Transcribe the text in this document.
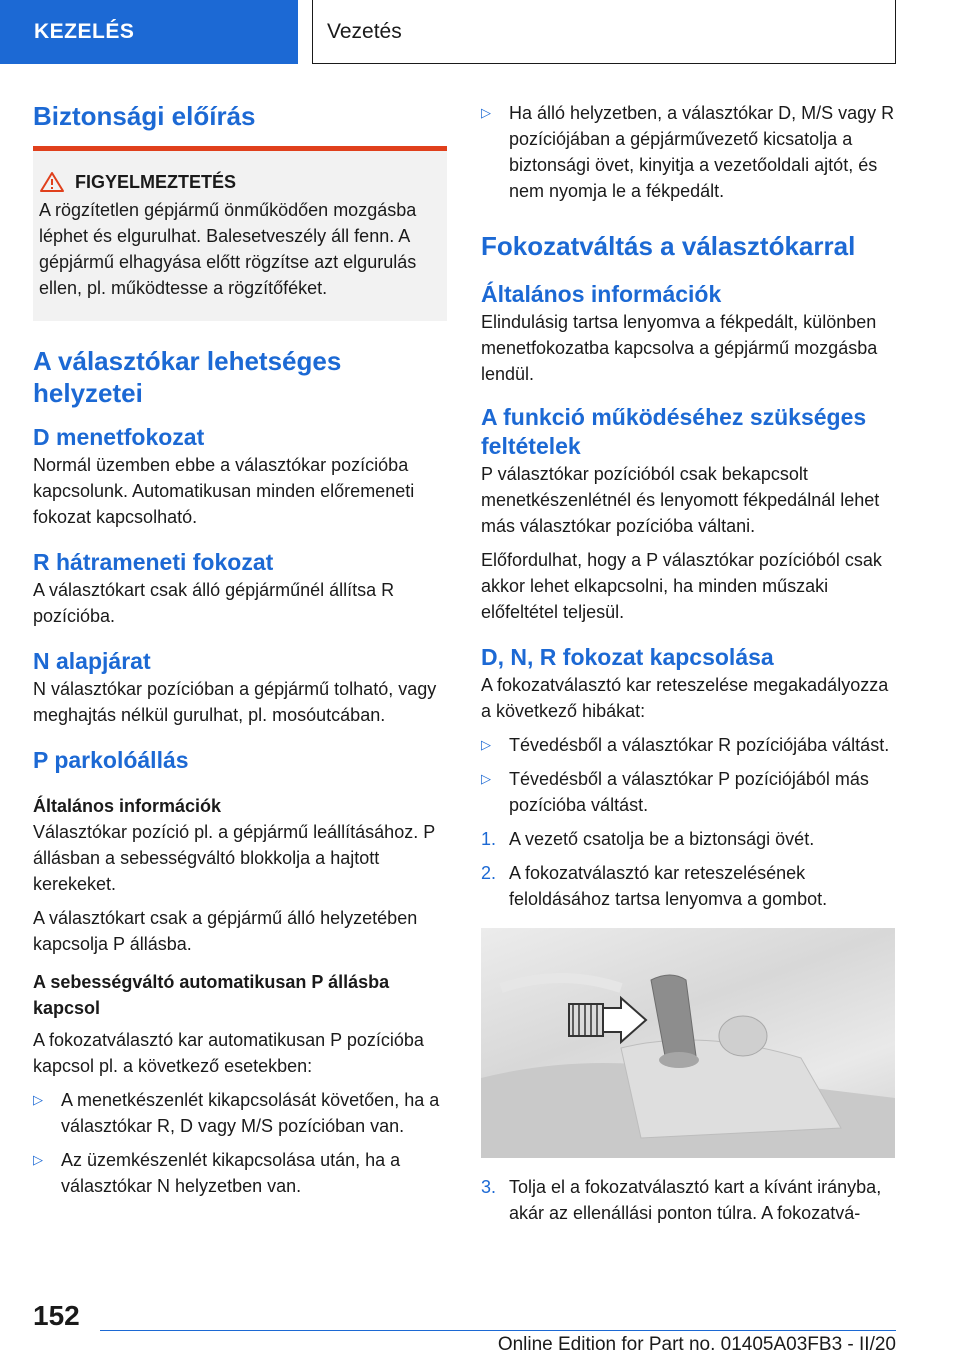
KEZELÉS	Vezetés
Biztonsági előírás
FIGYELMEZTETÉS

A rögzítetlen gépjármű önműködően mozgásba léphet és elgurulhat. Balesetveszély áll fenn. A gépjármű elhagyása előtt rögzítse azt elgurulás ellen, pl. működtesse a rögzítőféket.

A választókar lehetséges helyzetei
D menetfokozat

Normál üzemben ebbe a választókar pozícióba kapcsolunk. Automatikusan minden előremeneti fokozat kapcsolható.

R hátrameneti fokozat

A választókart csak álló gépjárműnél állítsa R pozícióba.

N alapjárat

N választókar pozícióban a gépjármű tolható, vagy meghajtás nélkül gurulhat, pl. mosóutcában.

P parkolóállás
Általános információk

Választókar pozíció pl. a gépjármű leállításához. P állásban a sebességváltó blokkolja a hajtott kerekeket.

A választókart csak a gépjármű álló helyzetében kapcsolja P állásba.

A sebességváltó automatikusan P állásba kapcsol

A fokozatválasztó kar automatikusan P pozícióba kapcsol pl. a következő esetekben:

▷	A menetkészenlét kikapcsolását követően, ha a választókar R, D vagy M/S pozícióban van.
▷	Az üzemkészenlét kikapcsolása után, ha a választókar N helyzetben van.
▷	Ha álló helyzetben, a választókar D, M/S vagy R pozíciójában a gépjárművezető kicsatolja a biztonsági övet, kinyitja a vezetőoldali ajtót, és nem nyomja le a fékpedált.
Fokozatváltás a választókarral
Általános információk

Elindulásig tartsa lenyomva a fékpedált, különben menetfokozatba kapcsolva a gépjármű mozgásba lendül.

A funkció működéséhez szükséges feltételek

P választókar pozícióból csak bekapcsolt menetkészenlétnél és lenyomott fékpedálnál lehet más választókar pozícióba váltani.

Előfordulhat, hogy a P választókar pozícióból csak akkor lehet elkapcsolni, ha minden műszaki előfeltétel teljesül.

D, N, R fokozat kapcsolása

A fokozatválasztó kar reteszelése megakadályozza a következő hibákat:

▷	Tévedésből a választókar R pozíciójába váltást.
▷	Tévedésből a választókar P pozíciójából más pozícióba váltást.
1. A vezető csatolja be a biztonsági övét.
2. A fokozatválasztó kar reteszelésének feloldásához tartsa lenyomva a gombot.
3. Tolja el a fokozatválasztó kart a kívánt irányba, akár az ellenállási ponton túlra. A fokozatvá-
152
Online Edition for Part no. 01405A03FB3 - II/20
